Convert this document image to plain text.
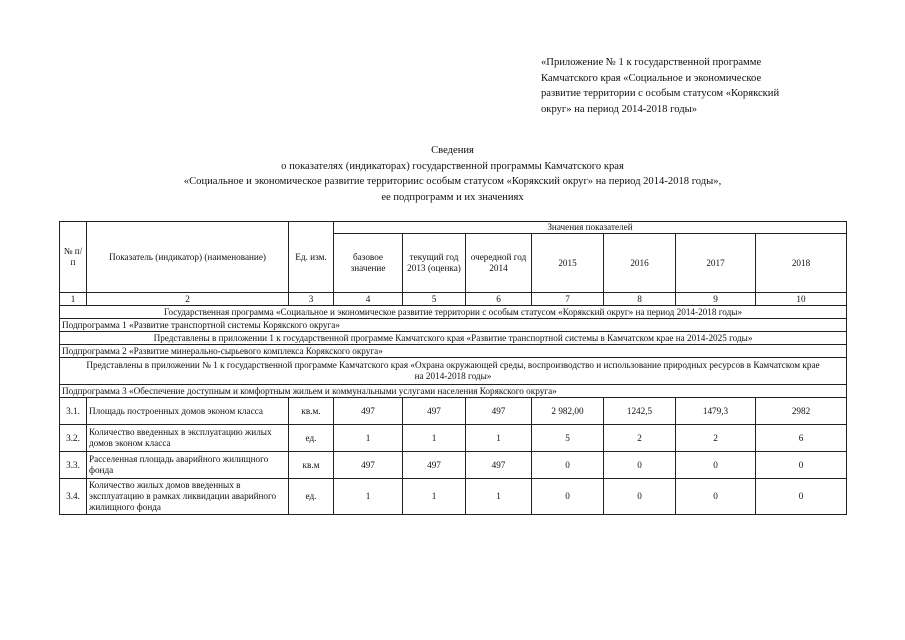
«Приложение № 1 к государственной программе
Камчатского края «Социальное и экономическое
развитие территории с особым статусом «Корякский
округ» на период 2014-2018 годы»
Сведения
о показателях (индикаторах) государственной программы Камчатского края
«Социальное и экономическое развитие территориис особым статусом «Корякский округ» на период 2014-2018 годы»,
ее подпрограмм и их значениях
№ п/п	Показатель (индикатор) (наименование)	Ед. изм.	Значения показателей						
			базовое значение	текущий год 2013 (оценка)	очередной год 2014	2015	2016	2017	2018
1	2	3	4	5	6	7	8	9	10
Государственная программа «Социальное и экономическое развитие территории с особым статусом «Корякский округ» на период 2014-2018 годы»									
Подпрограмма 1 «Развитие транспортной системы Корякского округа»									
Представлены в приложении 1 к государственной программе Камчатского края «Развитие транспортной системы в Камчатском крае на 2014-2025 годы»									
Подпрограмма 2 «Развитие минерально-сырьевого комплекса Корякского округа»									
Представлены в приложении № 1 к государственной программе Камчатского края «Охрана окружающей среды, воспроизводство и использование природных ресурсов в Камчатском крае на 2014-2018 годы»									
Подпрограмма 3 «Обеспечение доступным и комфортным жильем и коммунальными услугами населения Корякского округа»									
3.1.	Площадь построенных домов эконом класса	кв.м.	497	497	497	2 982,00	1242,5	1479,3	2982
3.2.	Количество введенных в эксплуатацию жилых домов эконом класса	ед.	1	1	1	5	2	2	6
3.3.	Расселенная площадь аварийного жилищного фонда	кв.м	497	497	497	0	0	0	0
3.4.	Количество жилых домов введенных в эксплуатацию в рамках ликвидации аварийного жилищного фонда	ед.	1	1	1	0	0	0	0
